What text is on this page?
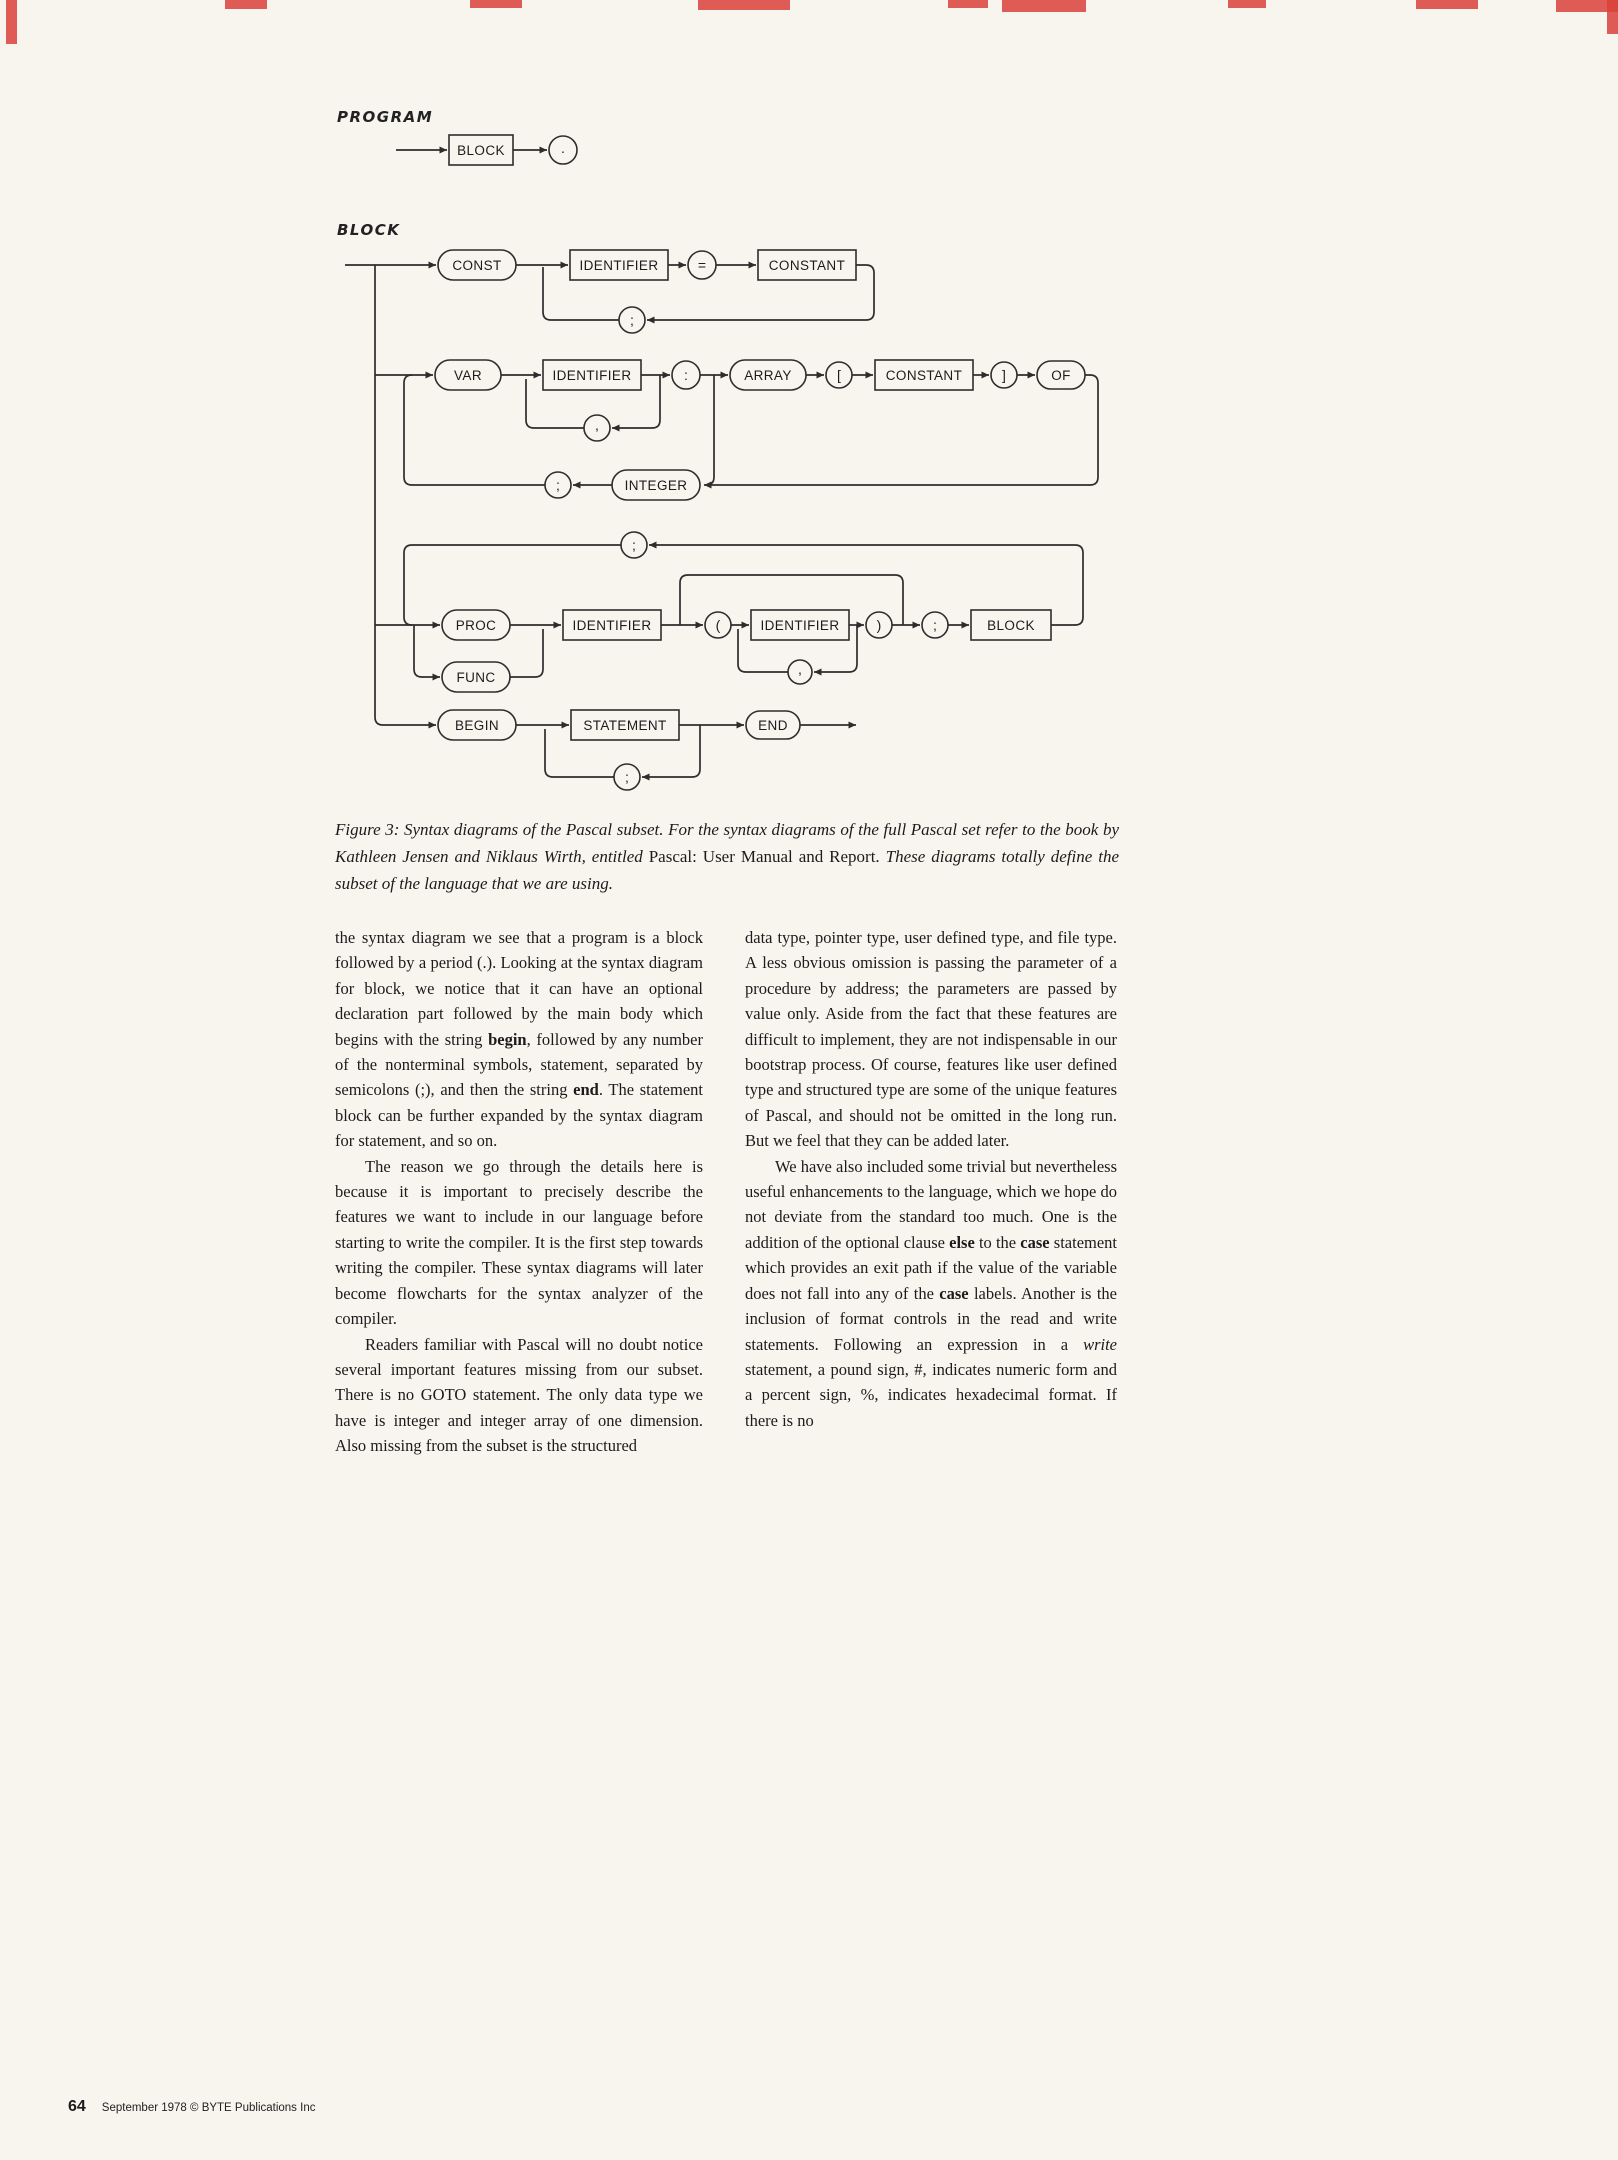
PROGRAM
BLOCK	.
BLOCK
CONST	IDENTIFIER	=	CONSTANT
;
VAR	IDENTIFIER
,
:	ARRAY	[	CONSTANT	]	OF
INTEGER
;
;
PROC
FUNC
IDENTIFIER	(	IDENTIFIER	)
,
;	BLOCK
BEGIN	STATEMENT
;
END

Figure 3: Syntax diagrams of the Pascal subset. For the syntax diagrams of the full Pascal set refer to the book by Kathleen Jensen and Niklaus Wirth, entitled Pascal: User Manual and Report. These diagrams totally define the subset of the language that we are using.

the syntax diagram we see that a program is a block followed by a period (.). Looking at the syntax diagram for block, we notice that it can have an optional declaration part followed by the main body which begins with the string begin, followed by any number of the nonterminal symbols, statement, separated by semicolons (;), and then the string end. The statement block can be further expanded by the syntax diagram for statement, and so on.

The reason we go through the details here is because it is important to precisely describe the features we want to include in our language before starting to write the compiler. It is the first step towards writing the compiler. These syntax diagrams will later become flowcharts for the syntax analyzer of the compiler.

Readers familiar with Pascal will no doubt notice several important features missing from our subset. There is no GOTO statement. The only data type we have is integer and integer array of one dimension. Also missing from the subset is the structured

data type, pointer type, user defined type, and file type. A less obvious omission is passing the parameter of a procedure by address; the parameters are passed by value only. Aside from the fact that these features are difficult to implement, they are not indispensable in our bootstrap process. Of course, features like user defined type and structured type are some of the unique features of Pascal, and should not be omitted in the long run. But we feel that they can be added later.

We have also included some trivial but nevertheless useful enhancements to the language, which we hope do not deviate from the standard too much. One is the addition of the optional clause else to the case statement which provides an exit path if the value of the variable does not fall into any of the case labels. Another is the inclusion of format controls in the read and write statements. Following an expression in a write statement, a pound sign, #, indicates numeric form and a percent sign, %, indicates hexadecimal format. If there is no

64 September 1978 © BYTE Publications Inc
